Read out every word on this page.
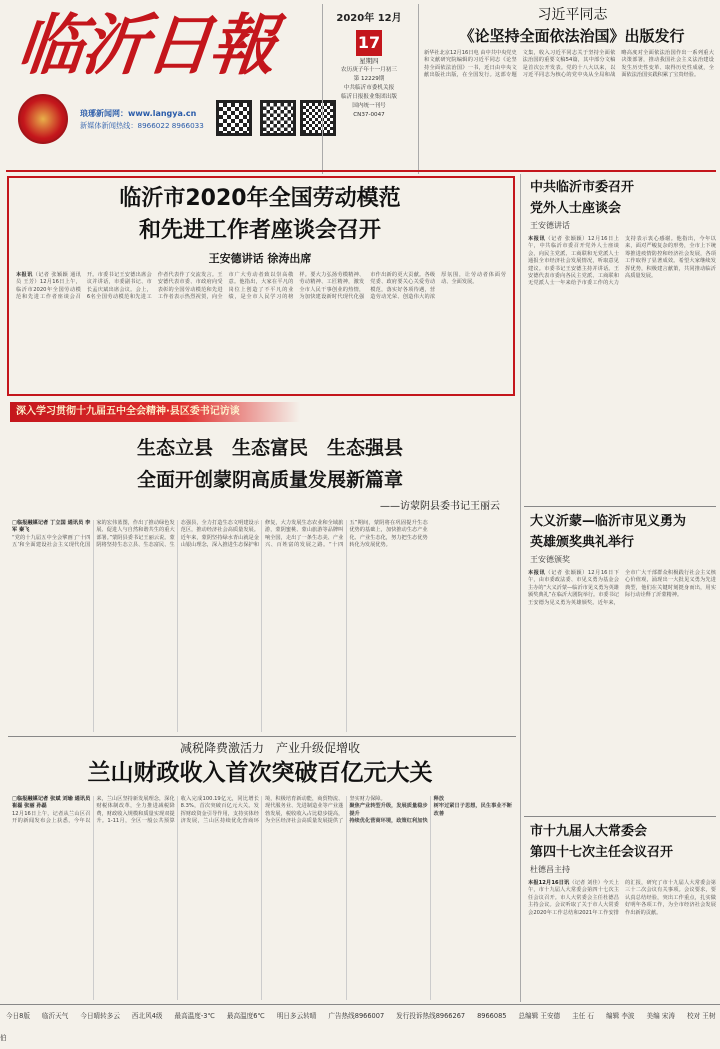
临沂日報
琅琊新闻网：www.langya.cn
新媒体新闻热线：8966022 8966033
2020年 12月
17
星期四
农历庚子年十一月初三
第 12229期
中共临沂市委机关报
临沂日报报业集团出版
国内统一刊号
CN37-0047
习近平同志
《论坚持全面依法治国》出版发行
新华社北京12月16日电 由中共中央党史和文献研究院编辑的习近平同志《论坚持全面依法治国》一书，近日由中央文献出版社出版，在全国发行。这部专题文集，收入习近平同志关于坚持全面依法治国的重要文稿54篇，其中部分文稿是首次公开发表。党的十八大以来，以习近平同志为核心的党中央从全局和战略高度对全面依法治国作出一系列重大决策部署，推动我国社会主义法治建设发生历史性变革、取得历史性成就，全面依法治国实践积累了宝贵经验。
临沂市2020年全国劳动模范
和先进工作者座谈会召开
王安德讲话 徐涛出席
本报讯（记者 张颖颖 通讯员 王芳）12月16日上午，临沂市2020年全国劳动模范和先进工作者座谈会召开。市委书记王安德出席会议并讲话，市委副书记、市长孟庆斌出席会议。会上，6名全国劳动模范和先进工作者代表作了交流发言。王安德代表市委、市政府向受表彰的全国劳动模范和先进工作者表示热烈祝贺，向全市广大劳动者致以崇高敬意。他指出，大家在平凡的岗位上创造了不平凡的业绩，是全市人民学习的榜样。要大力弘扬劳模精神、劳动精神、工匠精神，激发全市人民干事创业的热情，为加快建设新时代现代化强市作出新的更大贡献。各级党委、政府要关心关爱劳动模范，落实好各项待遇，营造劳动光荣、创造伟大的浓厚氛围，让劳动者体面劳动、全面发展。
中共临沂市委召开
党外人士座谈会
王安德讲话
本报讯（记者 张颖颖）12月16日上午，中共临沂市委召开党外人士座谈会，向民主党派、工商联和无党派人士通报全市经济社会发展情况，听取意见建议。市委书记王安德主持并讲话。王安德代表市委向各民主党派、工商联和无党派人士一年来给予市委工作的大力支持表示衷心感谢。他指出，今年以来，面对严峻复杂的形势，全市上下统筹推进疫情防控和经济社会发展，各项工作取得了显著成效。希望大家继续发挥优势，积极建言献策，共同推动临沂高质量发展。
大义沂蒙—临沂市见义勇为
英雄颁奖典礼举行
王安德颁奖
本报讯（记者 张颖颖）12月16日下午，由市委政法委、市见义勇为基金会主办的“大义沂蒙—临沂市见义勇为英雄颁奖典礼”在临沂大剧院举行。市委书记王安德为见义勇为英雄颁奖。近年来，全市广大干部群众积极践行社会主义核心价值观，涌现出一大批见义勇为先进典型，他们在关键时刻挺身而出，用实际行动诠释了沂蒙精神。
市十九届人大常委会
第四十七次主任会议召开
杜德昌主持
本报12月16日讯（记者 刘佳）今天上午，市十九届人大常委会第四十七次主任会议召开。市人大常委会主任杜德昌主持会议。会议听取了关于市人大常委会2020年工作总结和2021年工作安排的汇报，研究了市十九届人大常委会第三十二次会议有关事项。会议要求，要认真总结经验，突出工作重点，扎实做好明年各项工作，为全市经济社会发展作出新的贡献。
深入学习贯彻十九届五中全会精神·县区委书记访谈
生态立县　生态富民　生态强县
全面开创蒙阴高质量发展新篇章
——访蒙阴县委书记王丽云
□临报融媒记者 丁立国 通讯员 李军 秦飞
“党的十九届五中全会擘画了‘十四五’和全面建设社会主义现代化国家的宏伟蓝图，作出了推动绿色发展、促进人与自然和谐共生的重大部署。”蒙阴县委书记王丽云说。蒙阴将坚持生态立县、生态富民、生态强县，全力打造生态文明建设示范区，推动经济社会高质量发展。近年来，蒙阴坚持绿水青山就是金山银山理念，深入推进生态保护和修复，大力发展生态农业和全域旅游，蒙阴蜜桃、蒙山旅游等品牌叫响全国，走出了一条生态美、产业兴、百姓富的发展之路。“十四五”期间，蒙阴将在巩固提升生态优势的基础上，加快推动生态产业化、产业生态化，努力把生态优势转化为发展优势。
减税降费激活力　产业升级促增收
兰山财政收入首次突破百亿元大关
□临报融媒记者 张斌 刘瑜 通讯员 崔磊 张丽 孙磊
12月16日上午，记者从兰山区召开的新闻发布会上获悉，今年以来，兰山区坚持新发展理念，深化财税体制改革，全力推进减税降费，财政收入规模和质量实现双提升。1-11月，全区一般公共预算收入完成100.19亿元，同比增长8.3%，首次突破百亿元大关。发挥财政资金引导作用，支持实体经济发展，兰山区持续优化营商环境，积极培育新动能，商贸物流、现代服务业、先进制造业等产业蓬勃发展，税收收入占比稳步提高，为全区经济社会高质量发展提供了坚实财力保障。
聚焦产业转型升级，发展质量稳步提升
持续优化营商环境，政策红利加快释放
树牢过紧日子思想，民生事业不断改善
今日8版 临沂天气 今日晴转多云 西北风4级 最高温度-3℃ 最高温度6℃ 明日多云转晴 广告热线8966007 发行投诉热线8966267 8966085 总编辑 王安德 主任 石 编辑 李波 美编 宋涛 校对 王树伯
